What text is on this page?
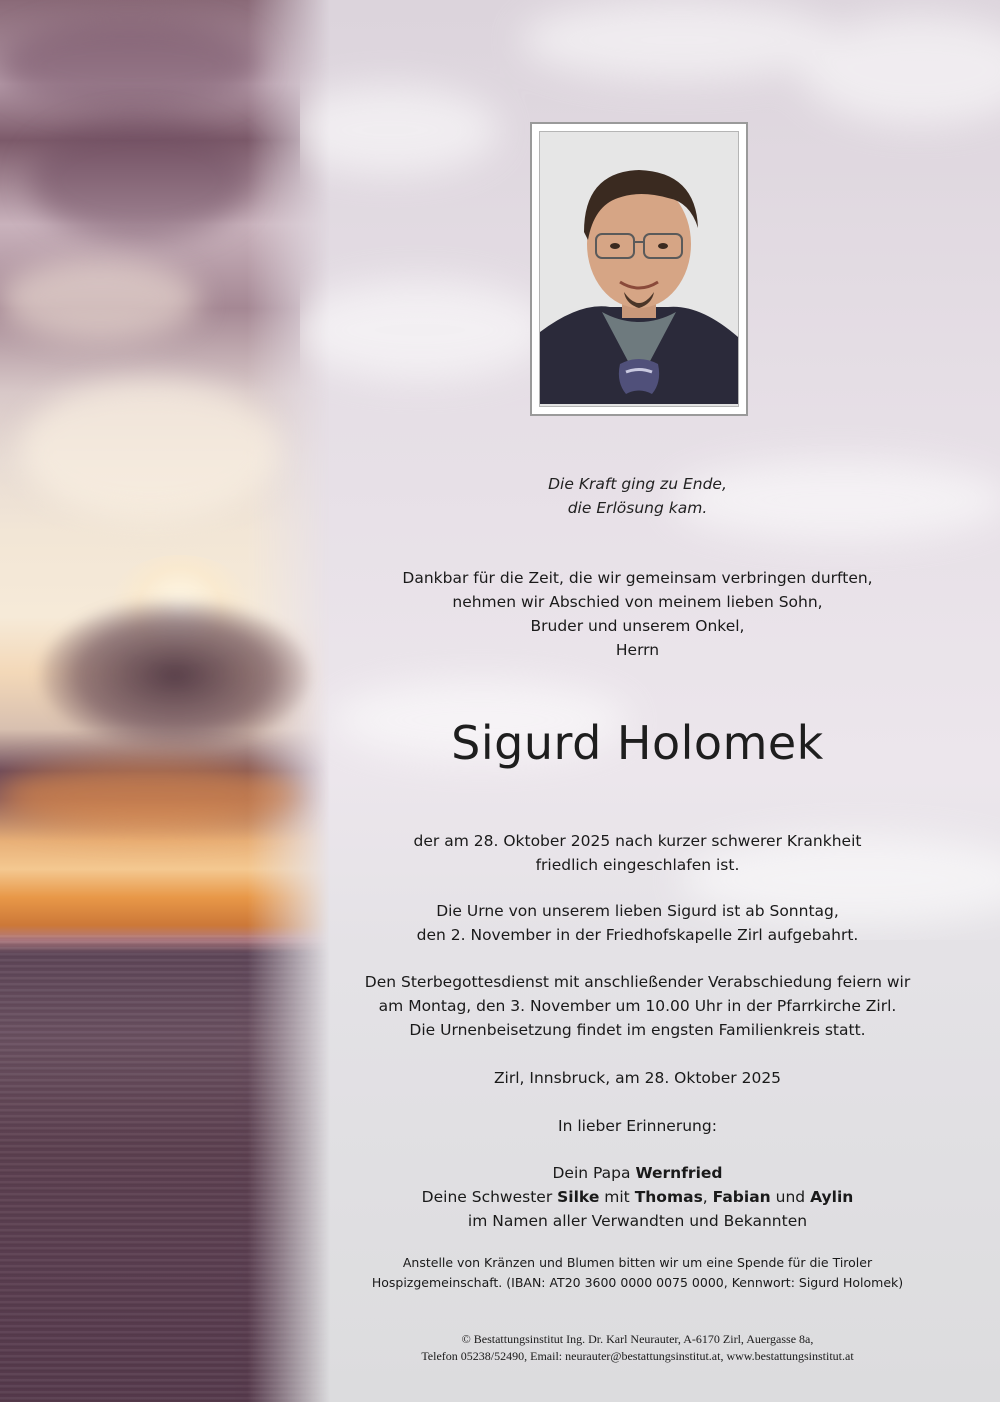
Die Kraft ging zu Ende,
die Erlösung kam.

Dankbar für die Zeit, die wir gemeinsam verbringen durften,
nehmen wir Abschied von meinem lieben Sohn,
Bruder und unserem Onkel,
Herrn

Sigurd Holomek

der am 28. Oktober 2025 nach kurzer schwerer Krankheit
friedlich eingeschlafen ist.

Die Urne von unserem lieben Sigurd ist ab Sonntag,
den 2. November in der Friedhofskapelle Zirl aufgebahrt.

Den Sterbegottesdienst mit anschließender Verabschiedung feiern wir
am Montag, den 3. November um 10.00 Uhr in der Pfarrkirche Zirl.
Die Urnenbeisetzung findet im engsten Familienkreis statt.

Zirl, Innsbruck, am 28. Oktober 2025

In lieber Erinnerung:

Dein Papa Wernfried
Deine Schwester Silke mit Thomas, Fabian und Aylin
im Namen aller Verwandten und Bekannten

Anstelle von Kränzen und Blumen bitten wir um eine Spende für die Tiroler
Hospizgemeinschaft. (IBAN: AT20 3600 0000 0075 0000, Kennwort: Sigurd Holomek)

© Bestattungsinstitut Ing. Dr. Karl Neurauter, A-6170 Zirl, Auergasse 8a,
Telefon 05238/52490, Email: neurauter@bestattungsinstitut.at, www.bestattungsinstitut.at
